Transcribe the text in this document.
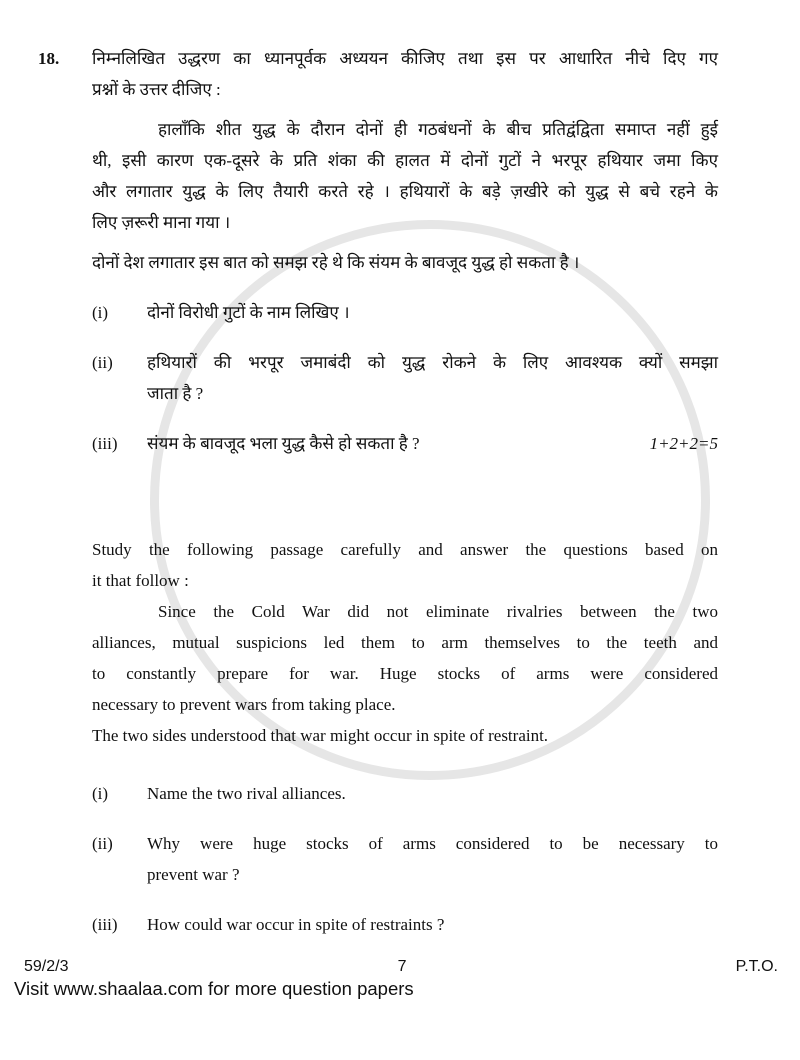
18. निम्नलिखित उद्धरण का ध्यानपूर्वक अध्ययन कीजिए तथा इस पर आधारित नीचे दिए गए
प्रश्नों के उत्तर दीजिए :
हालाँकि शीत युद्ध के दौरान दोनों ही गठबंधनों के बीच प्रतिद्वंद्विता समाप्त नहीं हुई
थी, इसी कारण एक-दूसरे के प्रति शंका की हालत में दोनों गुटों ने भरपूर हथियार जमा किए
और लगातार युद्ध के लिए तैयारी करते रहे । हथियारों के बड़े ज़खीरे को युद्ध से बचे रहने के
लिए ज़रूरी माना गया ।
दोनों देश लगातार इस बात को समझ रहे थे कि संयम के बावजूद युद्ध हो सकता है ।
(i)	दोनों विरोधी गुटों के नाम लिखिए ।
(ii)	हथियारों की भरपूर जमाबंदी को युद्ध रोकने के लिए आवश्यक क्यों समझा
जाता है ?
(iii)	संयम के बावजूद भला युद्ध कैसे हो सकता है ?	1+2+2=5
Study the following passage carefully and answer the questions based on
it that follow :
Since the Cold War did not eliminate rivalries between the two
alliances, mutual suspicions led them to arm themselves to the teeth and
to constantly prepare for war. Huge stocks of arms were considered
necessary to prevent wars from taking place.
The two sides understood that war might occur in spite of restraint.
(i)	Name the two rival alliances.
(ii)	Why were huge stocks of arms considered to be necessary to
prevent war ?
(iii)	How could war occur in spite of restraints ?
59/2/3	7	P.T.O.
Visit www.shaalaa.com for more question papers
